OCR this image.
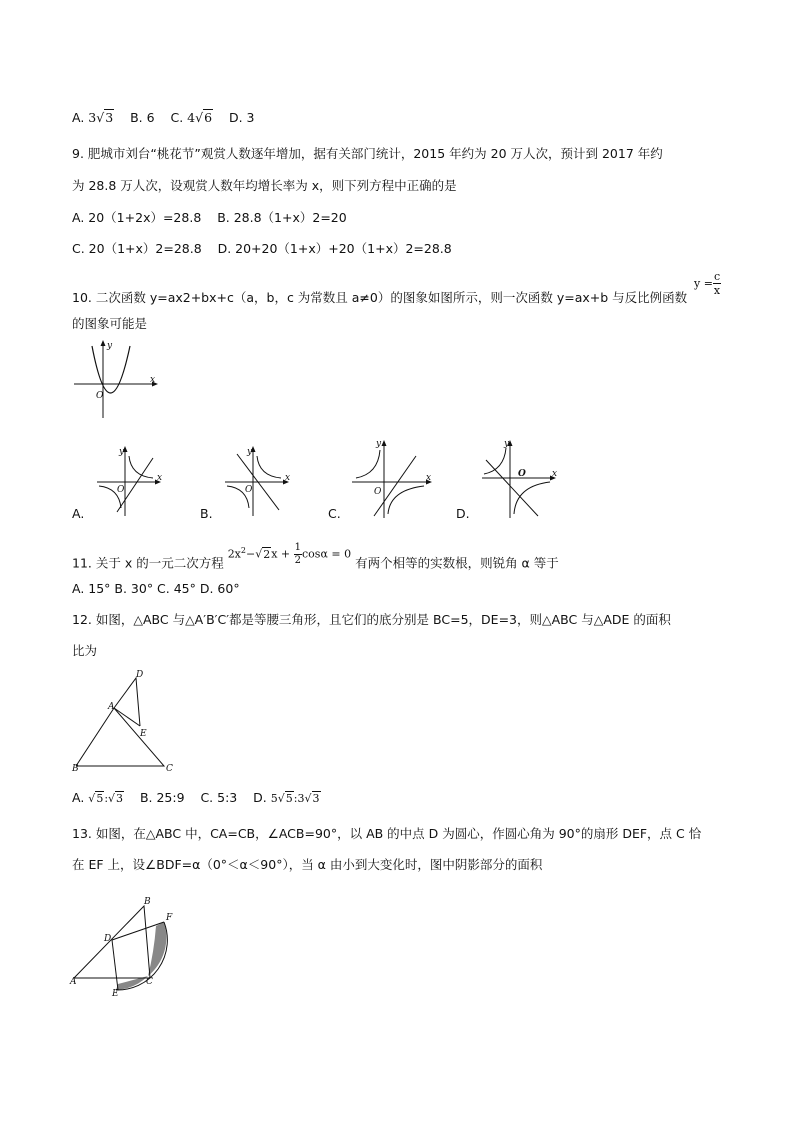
A. 3√3 B. 6 C. 4√6 D. 3
9. 肥城市刘台“桃花节”观赏人数逐年增加，据有关部门统计，2015 年约为 20 万人次，预计到 2017 年约
为 28.8 万人次，设观赏人数年均增长率为 x，则下列方程中正确的是
A. 20（1+2x）=28.8 B. 28.8（1+x）2=20
C. 20（1+x）2=28.8 D. 20+20（1+x）+20（1+x）2=28.8
10. 二次函数 y=ax2+bx+c（a，b，c 为常数且 a≠0）的图象如图所示，则一次函数 y=ax+b 与反比例函数
$y = \frac{c}{x}$
的图象可能是
y
x
O
y
x
O
y
x
O
y
x
O
y
x
O
A.	B.	C.	D.
11. 关于 x 的一元二次方程 $2x^2-√2x + \frac{1}{2}$ cosα = 0 有两个相等的实数根，则锐角 α 等于
A. 15° B. 30° C. 45° D. 60°
12. 如图，△ABC 与△A′B′C′都是等腰三角形，且它们的底分别是 BC=5，DE=3，则△ABC 与△ADE 的面积
比为
D
A
E
B	C
A. √5:√3 B. 25:9 C. 5:3 D. 5√5:3√3
13. 如图，在△ABC 中，CA=CB，∠ACB=90°，以 AB 的中点 D 为圆心，作圆心角为 90°的扇形 DEF，点 C 恰
在 EF 上，设∠BDF=α（0°＜α＜90°），当 α 由小到大变化时，图中阴影部分的面积
B
F
D
A
E
C
